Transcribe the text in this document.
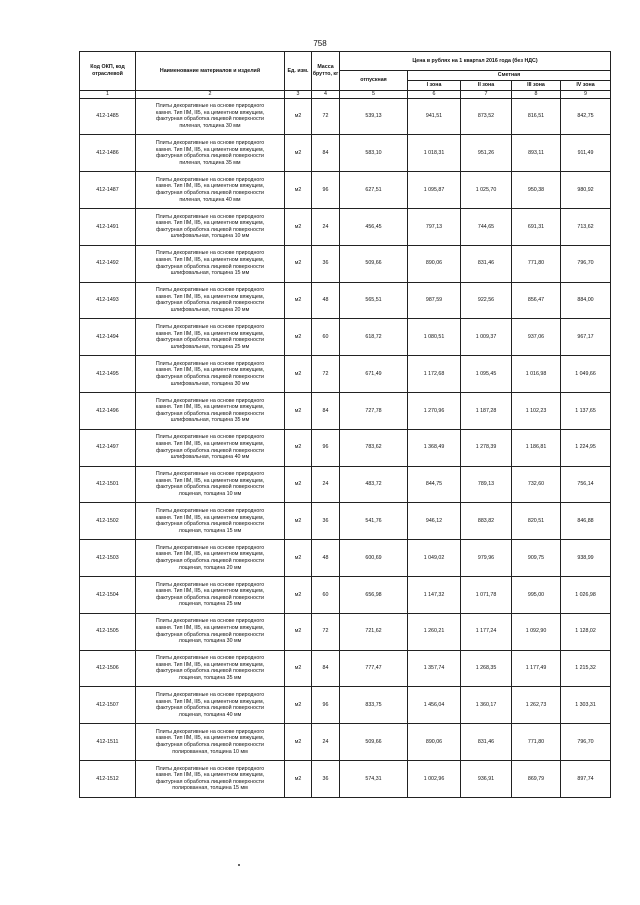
758
Код ОКП, код отраслевой	Наименование материалов и изделий	Ед. изм.	Масса брутто, кг	Цена в рублях на 1 квартал 2016 года (без НДС)				
				отпускная	Сметная			
					I зона	II зона	III зона	IV зона
1	2	3	4	5	6	7	8	9
412-1485	Плиты декоративные на основе природного
камня. Тип IIМ, IIБ, на цементном вяжущем,
фактурная обработка лицевой поверхности
пиленая, толщина 30 мм	м2	72	539,13	941,51	873,52	816,51	842,75
412-1486	Плиты декоративные на основе природного
камня. Тип IIМ, IIБ, на цементном вяжущем,
фактурная обработка лицевой поверхности
пиленая, толщина 35 мм	м2	84	583,10	1 018,31	951,26	893,11	911,49
412-1487	Плиты декоративные на основе природного
камня. Тип IIМ, IIБ, на цементном вяжущем,
фактурная обработка лицевой поверхности
пиленая, толщина 40 мм	м2	96	627,51	1 095,87	1 025,70	950,38	980,92
412-1491	Плиты декоративные на основе природного
камня. Тип IIМ, IIБ, на цементном вяжущем,
фактурная обработка лицевой поверхности
шлифовальная, толщина 10 мм	м2	24	456,45	797,13	744,65	691,31	713,62
412-1492	Плиты декоративные на основе природного
камня. Тип IIМ, IIБ, на цементном вяжущем,
фактурная обработка лицевой поверхности
шлифовальная, толщина 15 мм	м2	36	509,66	890,06	831,46	771,80	796,70
412-1493	Плиты декоративные на основе природного
камня. Тип IIМ, IIБ, на цементном вяжущем,
фактурная обработка лицевой поверхности
шлифовальная, толщина 20 мм	м2	48	565,51	987,59	922,56	856,47	884,00
412-1494	Плиты декоративные на основе природного
камня. Тип IIМ, IIБ, на цементном вяжущем,
фактурная обработка лицевой поверхности
шлифовальная, толщина 25 мм	м2	60	618,72	1 080,51	1 009,37	937,06	967,17
412-1495	Плиты декоративные на основе природного
камня. Тип IIМ, IIБ, на цементном вяжущем,
фактурная обработка лицевой поверхности
шлифовальная, толщина 30 мм	м2	72	671,49	1 172,68	1 095,45	1 016,98	1 049,66
412-1496	Плиты декоративные на основе природного
камня. Тип IIМ, IIБ, на цементном вяжущем,
фактурная обработка лицевой поверхности
шлифовальная, толщина 35 мм	м2	84	727,78	1 270,96	1 187,28	1 102,23	1 137,65
412-1497	Плиты декоративные на основе природного
камня. Тип IIМ, IIБ, на цементном вяжущем,
фактурная обработка лицевой поверхности
шлифовальная, толщина 40 мм	м2	96	783,62	1 368,49	1 278,39	1 186,81	1 224,95
412-1501	Плиты декоративные на основе природного
камня. Тип IIМ, IIБ, на цементном вяжущем,
фактурная обработка лицевой поверхности
лощеная, толщина 10 мм	м2	24	483,72	844,75	789,13	732,60	756,14
412-1502	Плиты декоративные на основе природного
камня. Тип IIМ, IIБ, на цементном вяжущем,
фактурная обработка лицевой поверхности
лощеная, толщина 15 мм	м2	36	541,76	946,12	883,82	820,51	846,88
412-1503	Плиты декоративные на основе природного
камня. Тип IIМ, IIБ, на цементном вяжущем,
фактурная обработка лицевой поверхности
лощеная, толщина 20 мм	м2	48	600,69	1 049,02	979,96	909,75	938,99
412-1504	Плиты декоративные на основе природного
камня. Тип IIМ, IIБ, на цементном вяжущем,
фактурная обработка лицевой поверхности
лощеная, толщина 25 мм	м2	60	656,98	1 147,32	1 071,78	995,00	1 026,98
412-1505	Плиты декоративные на основе природного
камня. Тип IIМ, IIБ, на цементном вяжущем,
фактурная обработка лицевой поверхности
лощеная, толщина 30 мм	м2	72	721,62	1 260,21	1 177,24	1 092,90	1 128,02
412-1506	Плиты декоративные на основе природного
камня. Тип IIМ, IIБ, на цементном вяжущем,
фактурная обработка лицевой поверхности
лощеная, толщина 35 мм	м2	84	777,47	1 357,74	1 268,35	1 177,49	1 215,32
412-1507	Плиты декоративные на основе природного
камня. Тип IIМ, IIБ, на цементном вяжущем,
фактурная обработка лицевой поверхности
лощеная, толщина 40 мм	м2	96	833,75	1 456,04	1 360,17	1 262,73	1 303,31
412-1511	Плиты декоративные на основе природного
камня. Тип IIМ, IIБ, на цементном вяжущем,
фактурная обработка лицевой поверхности
полированная, толщина 10 мм	м2	24	509,66	890,06	831,46	771,80	796,70
412-1512	Плиты декоративные на основе природного
камня. Тип IIМ, IIБ, на цементном вяжущем,
фактурная обработка лицевой поверхности
полированная, толщина 15 мм	м2	36	574,31	1 002,96	936,91	869,79	897,74
